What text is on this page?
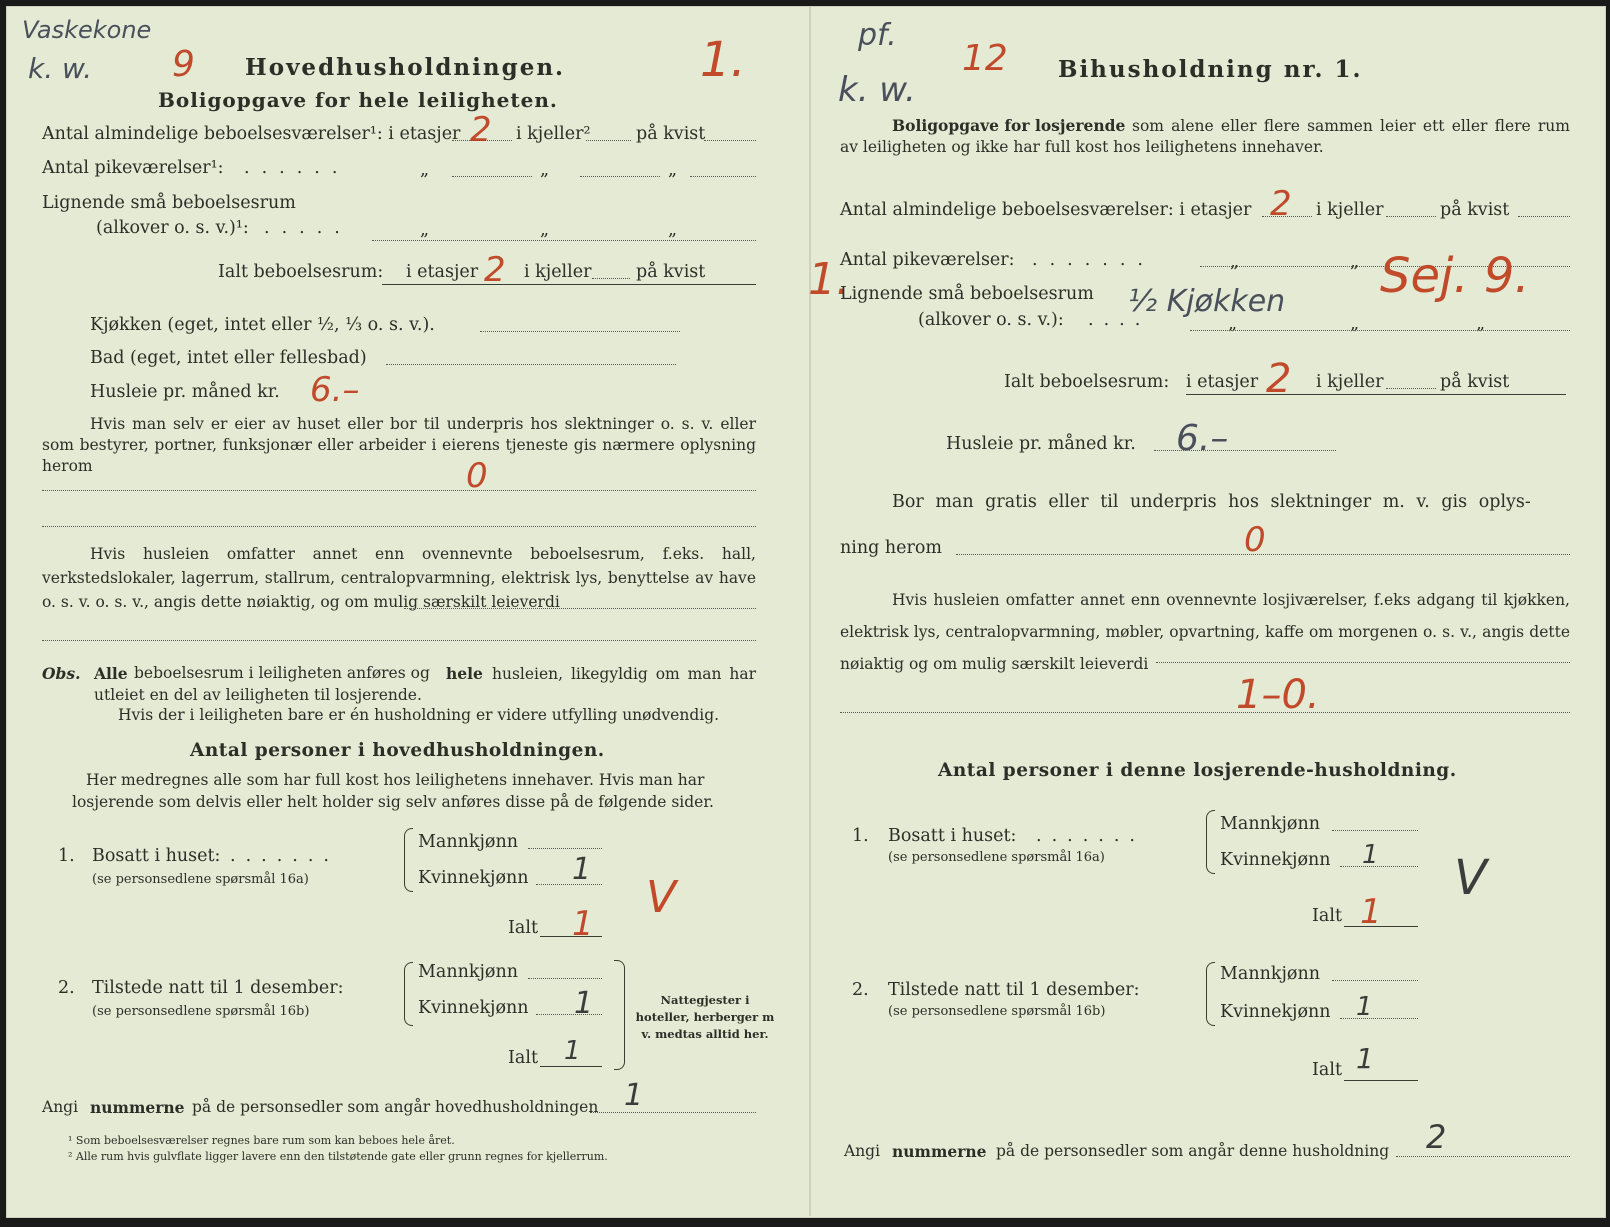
Vaskekone
k. w. 9	1.
Hovedhusholdningen.
Boligopgave for hele leiligheten.
Antal almindelige beboelsesværelser¹: i etasjer 2 i kjeller²	på kvist
Antal pikeværelser¹: ......	„	„	„
Lignende små beboelsesrum
(alkover o. s. v.)¹: .....	„	„	„
Ialt beboelsesrum: i etasjer 2 i kjeller	på kvist
Kjøkken (eget, intet eller ½, ⅓ o. s. v.).
Bad (eget, intet eller fellesbad)
Husleie pr. måned kr. 6.–

Hvis man selv er eier av huset eller bor til underpris hos slektninger o. s. v. eller som bestyrer, portner, funksjonær eller arbeider i eierens tjeneste gis nærmere oplysning herom	0

Hvis husleien omfatter annet enn ovennevnte beboelsesrum, f.eks. hall, verkstedslokaler, lagerrum, stallrum, centralopvarmning, elektrisk lys, benyttelse av have o. s. v. o. s. v., angis dette nøiaktig, og om mulig særskilt leieverdi

Obs. Alle beboelsesrum i leiligheten anføres og hele husleien, likegyldig om man har utleiet en del av leiligheten til losjerende.

Hvis der i leiligheten bare er én husholdning er videre utfylling unødvendig.
Antal personer i hovedhusholdningen.
Her medregnes alle som har full kost hos leilighetens innehaver. Hvis man har
losjerende som delvis eller helt holder sig selv anføres disse på de følgende sider.
1. Bosatt i huset: .......
(se personsedlene spørsmål 16a)
Mannkjønn
Kvinnekjønn 1
Ialt 1
V
2. Tilstede natt til 1 desember:
(se personsedlene spørsmål 16b)
Mannkjønn
Kvinnekjønn 1
Ialt 1

Nattegjester i hoteller, herberger m v. medtas alltid her.

Angi nummerne på de personsedler som angår hovedhusholdningen 1
¹ Som beboelsesværelser regnes bare rum som kan beboes hele året.
² Alle rum hvis gulvflate ligger lavere enn den tilstøtende gate eller grunn regnes for kjellerrum.
pf.
k. w.
12
1.
Bihusholdning nr. 1.
Boligopgave for losjerende som alene eller flere sammen leier ett eller flere rum av leiligheten og ikke har full kost hos leilighetens innehaver.

Antal almindelige beboelsesværelser: i etasjer 2 i kjeller	på kvist
Antal pikeværelser: .......	„	„ Sej. 9.
Lignende små beboelsesrum ½ Kjøkken
(alkover o. s. v.): ....	„	„	„
Ialt beboelsesrum: i etasjer 2 i kjeller	på kvist
Husleie pr. måned kr. 6.–
Bor man gratis eller til underpris hos slektninger m. v. gis oplys-
ning herom	0

Hvis husleien omfatter annet enn ovennevnte losjiværelser, f.eks adgang til kjøkken, elektrisk lys, centralopvarmning, møbler, opvartning, kaffe om morgenen o. s. v., angis dette nøiaktig og om mulig særskilt leieverdi

1–0.
Antal personer i denne losjerende-husholdning.
1. Bosatt i huset: .......
(se personsedlene spørsmål 16a)
Mannkjønn
Kvinnekjønn 1
Ialt 1
V
2. Tilstede natt til 1 desember:
(se personsedlene spørsmål 16b)
Mannkjønn
Kvinnekjønn 1
Ialt 1
Angi nummerne på de personsedler som angår denne husholdning 2
